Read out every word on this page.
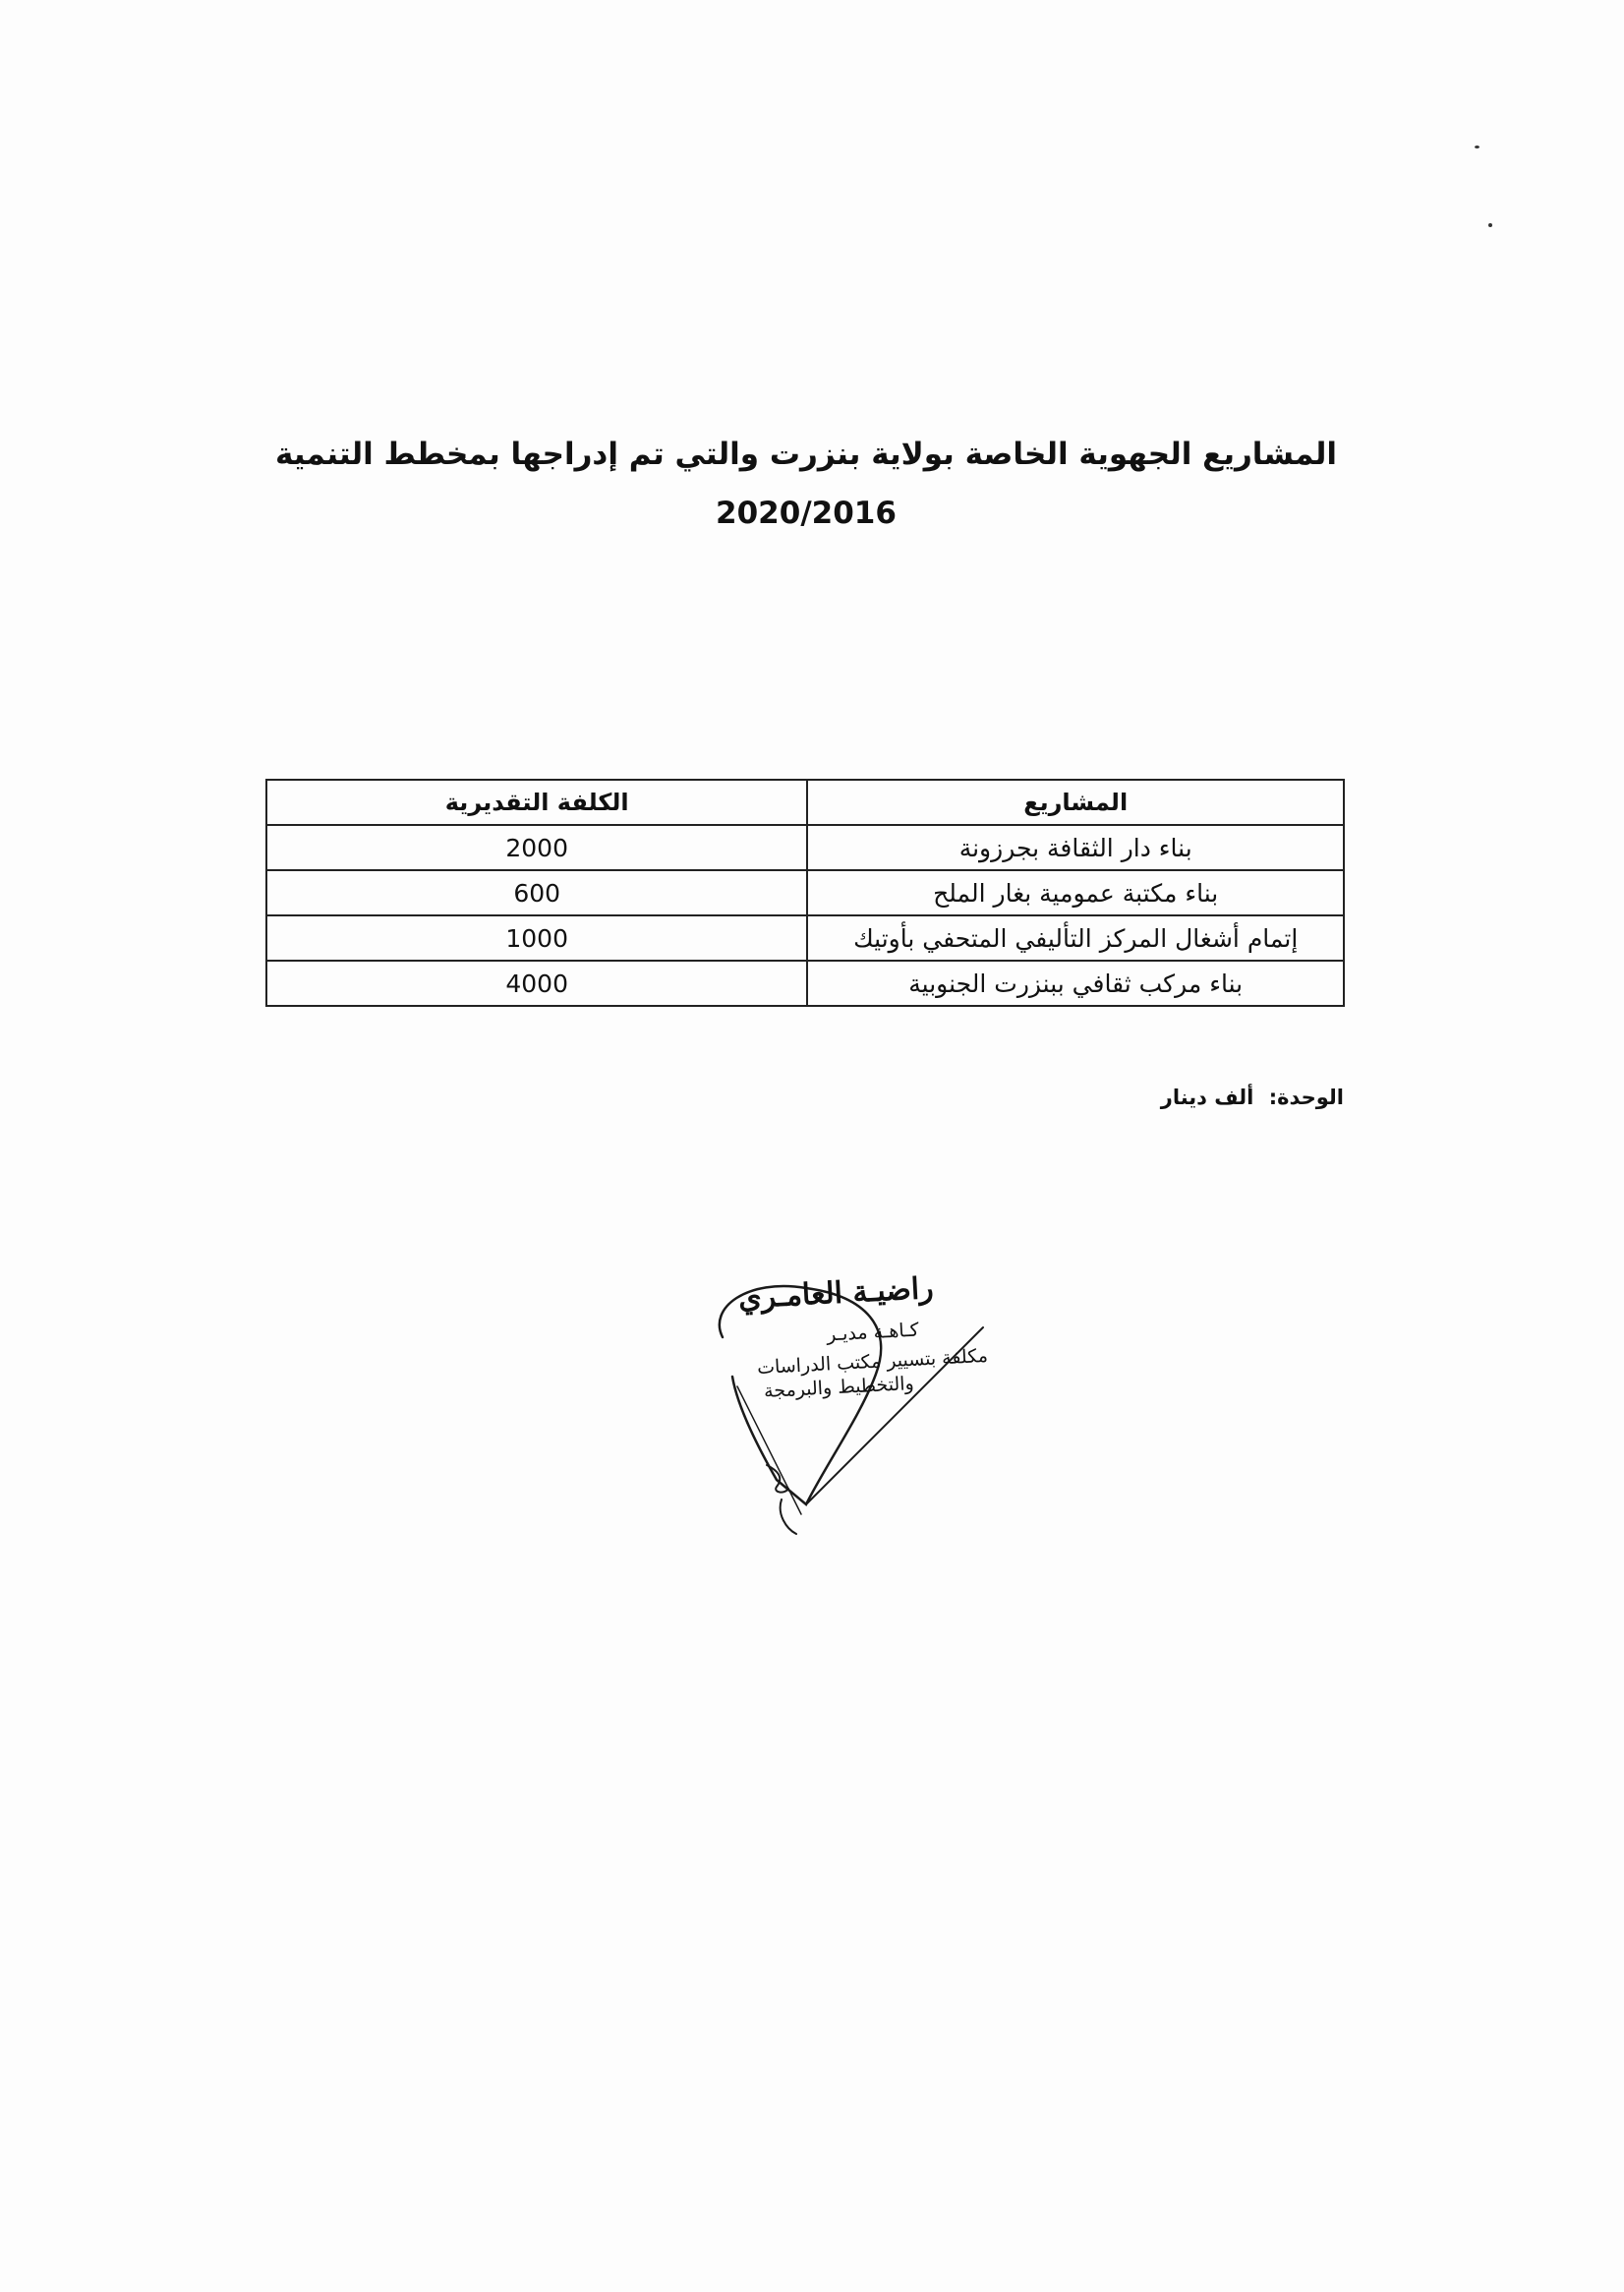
المشاريع الجهوية الخاصة بولاية بنزرت والتي تم إدراجها بمخطط التنمية
2020/2016
المشاريع	الكلفة التقديرية
بناء دار الثقافة بجرزونة	2000
بناء مكتبة عمومية بغار الملح	600
إتمام أشغال المركز التأليفي المتحفي بأوتيك	1000
بناء مركب ثقافي ببنزرت الجنوبية	4000
الوحدة: ألف دينار
راضيـة العامـري
كـاهـة مديـر
مكلفة بتسيير مكتب الدراسات
والتخطيط والبرمجة
